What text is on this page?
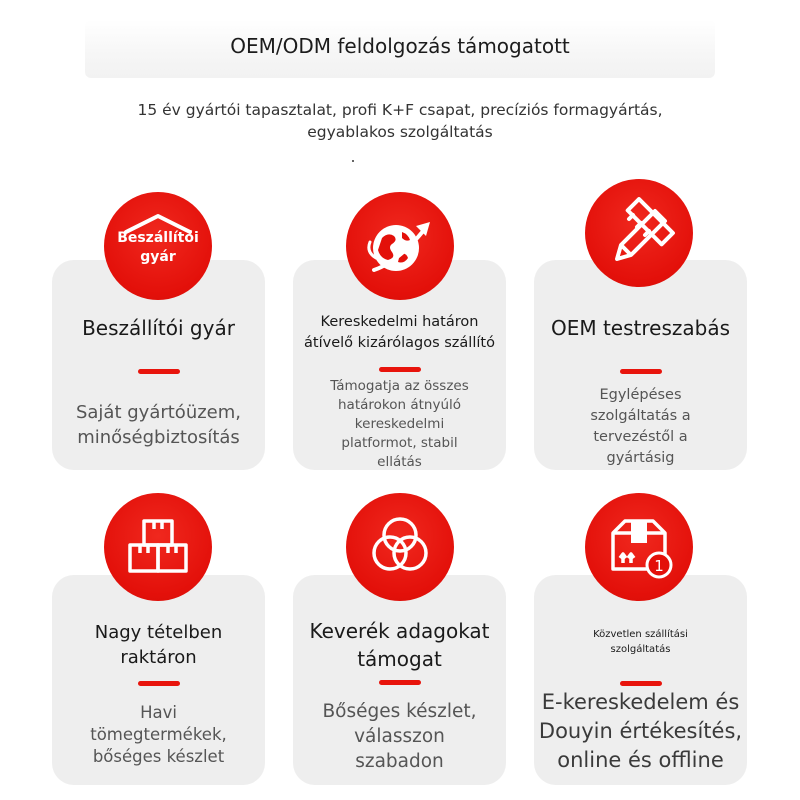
OEM/ODM feldolgozás támogatott
15 év gyártói tapasztalat, profi K+F csapat, precíziós formagyártás,
egyablakos szolgáltatás
Beszállítói
gyár
Beszállítói gyár
Saját gyártóüzem,
minőségbiztosítás
Kereskedelmi határon
átívelő kizárólagos szállító
Támogatja az összes
határokon átnyúló
kereskedelmi
platformot, stabil
ellátás
OEM testreszabás
Egylépéses
szolgáltatás a
tervezéstől a
gyártásig
Nagy tételben
raktáron
Havi
tömegtermékek,
bőséges készlet
Keverék adagokat
támogat
Bőséges készlet,
válasszon
szabadon
1
Közvetlen szállítási
szolgáltatás
E-kereskedelem és
Douyin értékesítés,
online és offline
